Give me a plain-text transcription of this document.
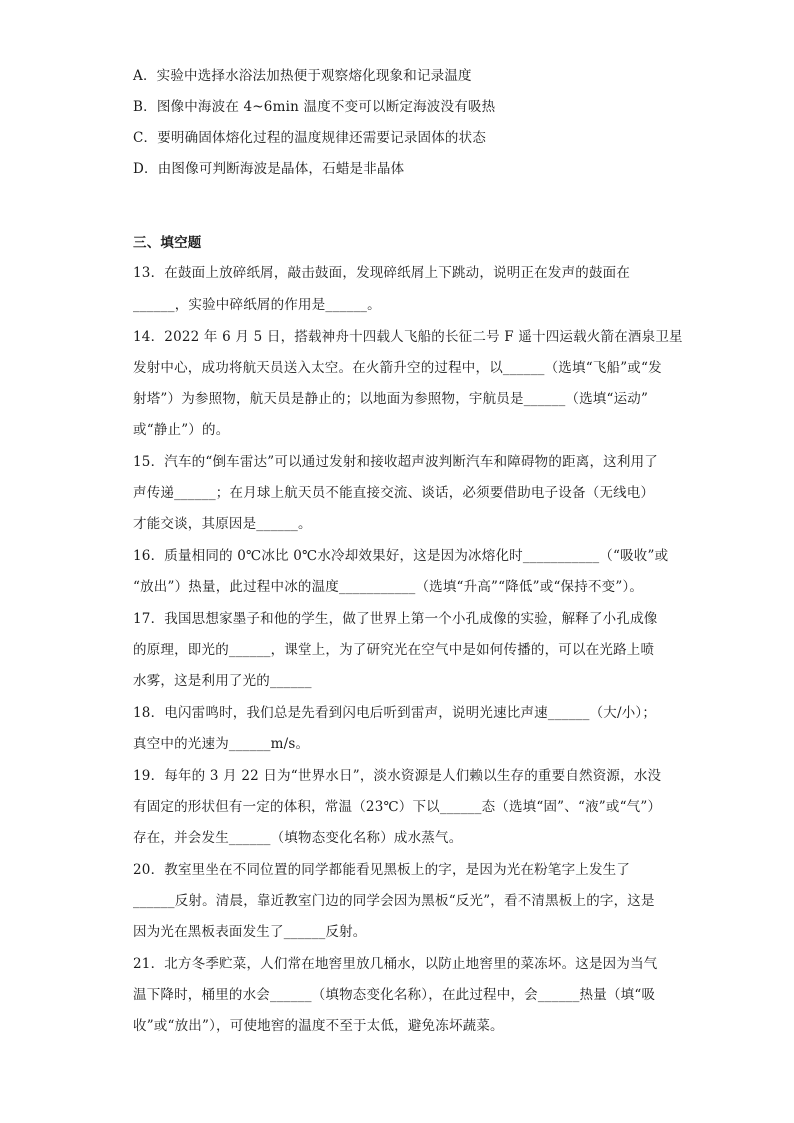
A．实验中选择水浴法加热便于观察熔化现象和记录温度
B．图像中海波在 4~6min 温度不变可以断定海波没有吸热
C．要明确固体熔化过程的温度规律还需要记录固体的状态
D．由图像可判断海波是晶体，石蜡是非晶体
三、填空题
13．在鼓面上放碎纸屑，敲击鼓面，发现碎纸屑上下跳动，说明正在发声的鼓面在
______，实验中碎纸屑的作用是______。
14．2022 年 6 月 5 日，搭载神舟十四载人飞船的长征二号 F 遥十四运载火箭在酒泉卫星
发射中心，成功将航天员送入太空。在火箭升空的过程中，以______（选填“飞船”或“发
射塔”）为参照物，航天员是静止的；以地面为参照物，宇航员是______（选填“运动”
或“静止”）的。
15．汽车的“倒车雷达”可以通过发射和接收超声波判断汽车和障碍物的距离，这利用了
声传递______；在月球上航天员不能直接交流、谈话，必须要借助电子设备（无线电）
才能交谈，其原因是______。
16．质量相同的 0℃冰比 0℃水冷却效果好，这是因为冰熔化时___________（“吸收”或
“放出”）热量，此过程中冰的温度___________（选填“升高”“降低”或“保持不变”）。
17．我国思想家墨子和他的学生，做了世界上第一个小孔成像的实验，解释了小孔成像
的原理，即光的______，课堂上，为了研究光在空气中是如何传播的，可以在光路上喷
水雾，这是利用了光的______
18．电闪雷鸣时，我们总是先看到闪电后听到雷声，说明光速比声速______（大/小）；
真空中的光速为______m/s。
19．每年的 3 月 22 日为“世界水日”，淡水资源是人们赖以生存的重要自然资源，水没
有固定的形状但有一定的体积，常温（23℃）下以______态（选填“固”、“液”或“气”）
存在，并会发生______（填物态变化名称）成水蒸气。
20．教室里坐在不同位置的同学都能看见黑板上的字，是因为光在粉笔字上发生了
______反射。清晨，靠近教室门边的同学会因为黑板“反光”，看不清黑板上的字，这是
因为光在黑板表面发生了______反射。
21．北方冬季贮菜，人们常在地窖里放几桶水，以防止地窖里的菜冻坏。这是因为当气
温下降时，桶里的水会______（填物态变化名称），在此过程中，会______热量（填“吸
收”或“放出”），可使地窖的温度不至于太低，避免冻坏蔬菜。
